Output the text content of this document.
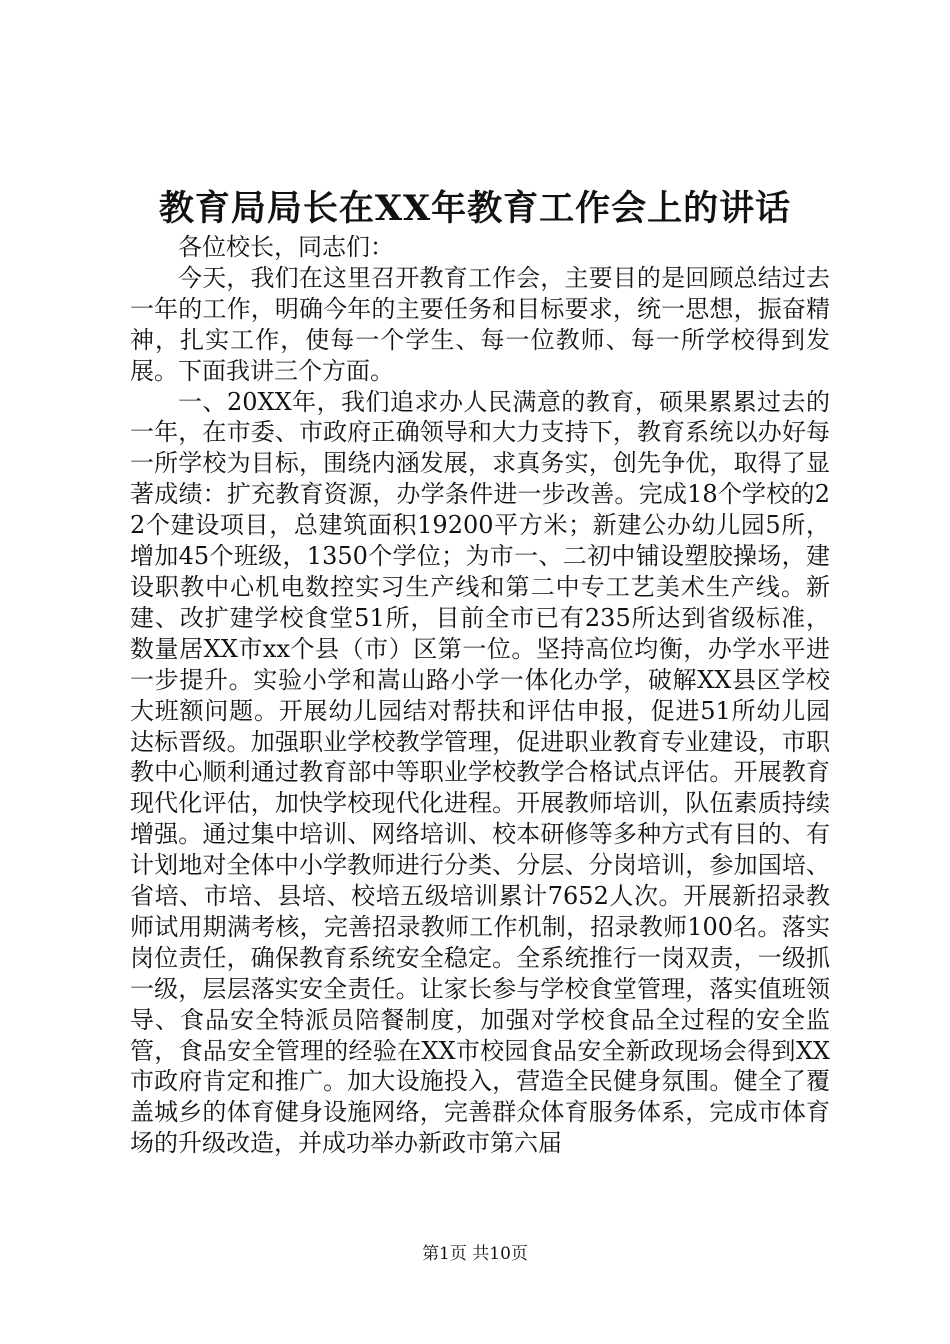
教育局局长在XX年教育工作会上的讲话

各位校长，同志们：

今天，我们在这里召开教育工作会，主要目的是回顾总结过去一年的工作，明确今年的主要任务和目标要求，统一思想，振奋精神，扎实工作，使每一个学生、每一位教师、每一所学校得到发展。下面我讲三个方面。

一、20XX年，我们追求办人民满意的教育，硕果累累过去的一年，在市委、市政府正确领导和大力支持下，教育系统以办好每一所学校为目标，围绕内涵发展，求真务实，创先争优，取得了显著成绩：扩充教育资源，办学条件进一步改善。完成18个学校的22个建设项目，总建筑面积19200平方米；新建公办幼儿园5所，增加45个班级，1350个学位；为市一、二初中铺设塑胶操场，建设职教中心机电数控实习生产线和第二中专工艺美术生产线。新建、改扩建学校食堂51所，目前全市已有235所达到省级标准，数量居XX市xx个县（市）区第一位。坚持高位均衡，办学水平进一步提升。实验小学和嵩山路小学一体化办学，破解XX县区学校大班额问题。开展幼儿园结对帮扶和评估申报，促进51所幼儿园达标晋级。加强职业学校教学管理，促进职业教育专业建设，市职教中心顺利通过教育部中等职业学校教学合格试点评估。开展教育现代化评估，加快学校现代化进程。开展教师培训，队伍素质持续增强。通过集中培训、网络培训、校本研修等多种方式有目的、有计划地对全体中小学教师进行分类、分层、分岗培训，参加国培、省培、市培、县培、校培五级培训累计7652人次。开展新招录教师试用期满考核，完善招录教师工作机制，招录教师100名。落实岗位责任，确保教育系统安全稳定。全系统推行一岗双责，一级抓一级，层层落实安全责任。让家长参与学校食堂管理，落实值班领导、食品安全特派员陪餐制度，加强对学校食品全过程的安全监管，食品安全管理的经验在XX市校园食品安全新政现场会得到XX市政府肯定和推广。加大设施投入，营造全民健身氛围。健全了覆盖城乡的体育健身设施网络，完善群众体育服务体系，完成市体育场的升级改造，并成功举办新政市第六届

第1页 共10页
